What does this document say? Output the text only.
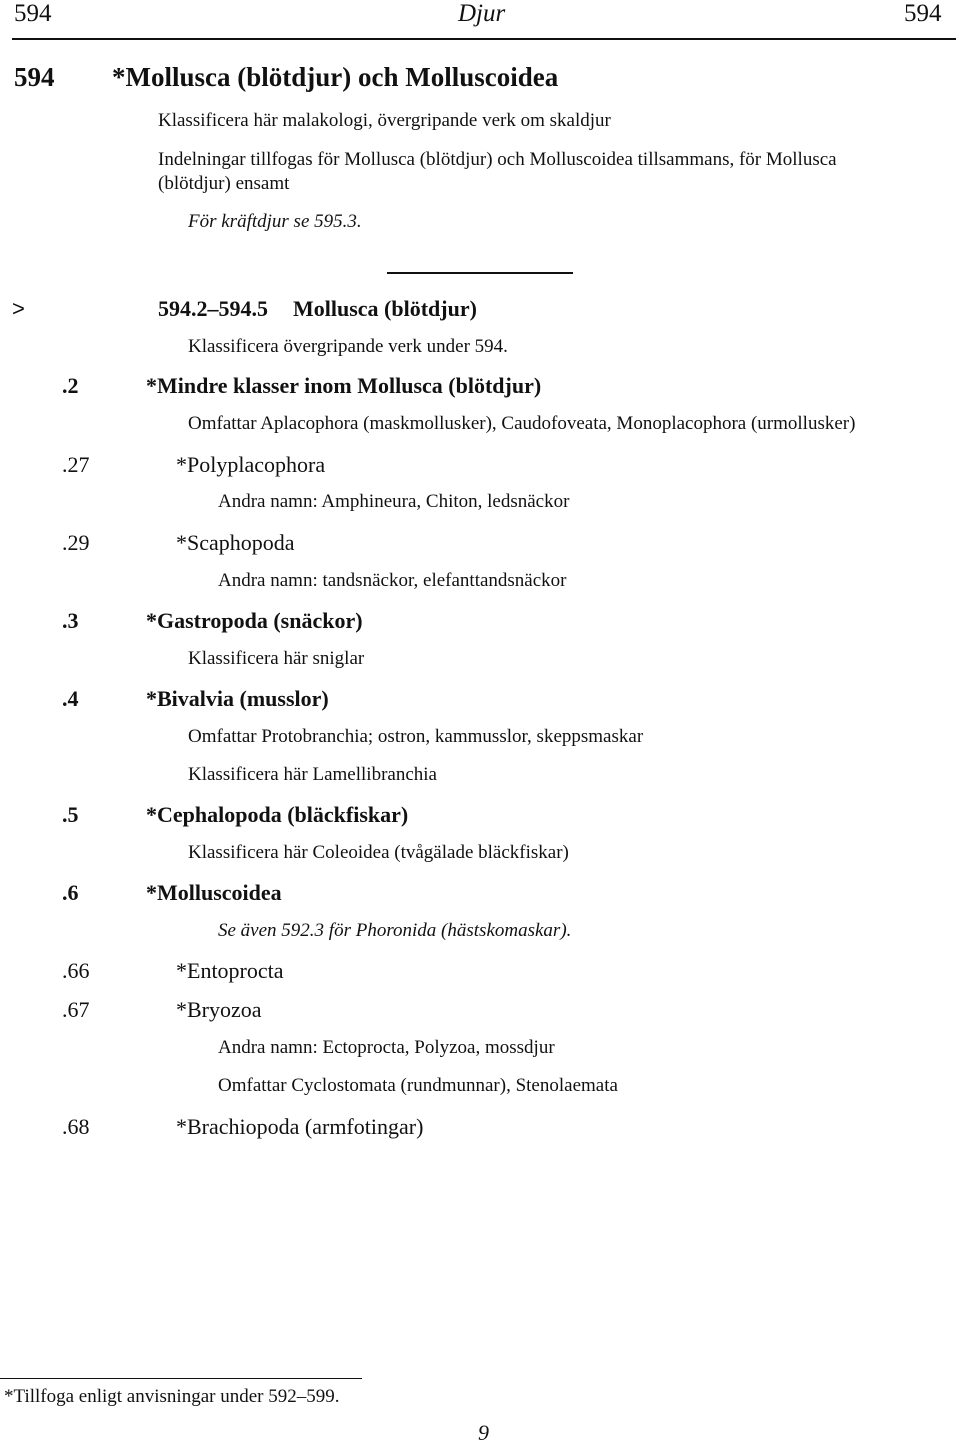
594	Djur	594
594 *Mollusca (blötdjur) och Molluscoidea
Klassificera här malakologi, övergripande verk om skaldjur
Indelningar tillfogas för Mollusca (blötdjur) och Molluscoidea tillsammans, för Mollusca
(blötdjur) ensamt
För kräftdjur se 595.3.
>	594.2–594.5 Mollusca (blötdjur)
Klassificera övergripande verk under 594.
.2	*Mindre klasser inom Mollusca (blötdjur)
Omfattar Aplacophora (maskmollusker), Caudofoveata, Monoplacophora (urmollusker)
.27	*Polyplacophora
Andra namn: Amphineura, Chiton, ledsnäckor
.29	*Scaphopoda
Andra namn: tandsnäckor, elefanttandsnäckor
.3	*Gastropoda (snäckor)
Klassificera här sniglar
.4	*Bivalvia (musslor)
Omfattar Protobranchia; ostron, kammusslor, skeppsmaskar
Klassificera här Lamellibranchia
.5	*Cephalopoda (bläckfiskar)
Klassificera här Coleoidea (tvågälade bläckfiskar)
.6	*Molluscoidea
Se även 592.3 för Phoronida (hästskomaskar).
.66	*Entoprocta
.67	*Bryozoa
Andra namn: Ectoprocta, Polyzoa, mossdjur
Omfattar Cyclostomata (rundmunnar), Stenolaemata
.68	*Brachiopoda (armfotingar)
*Tillfoga enligt anvisningar under 592–599.
9
